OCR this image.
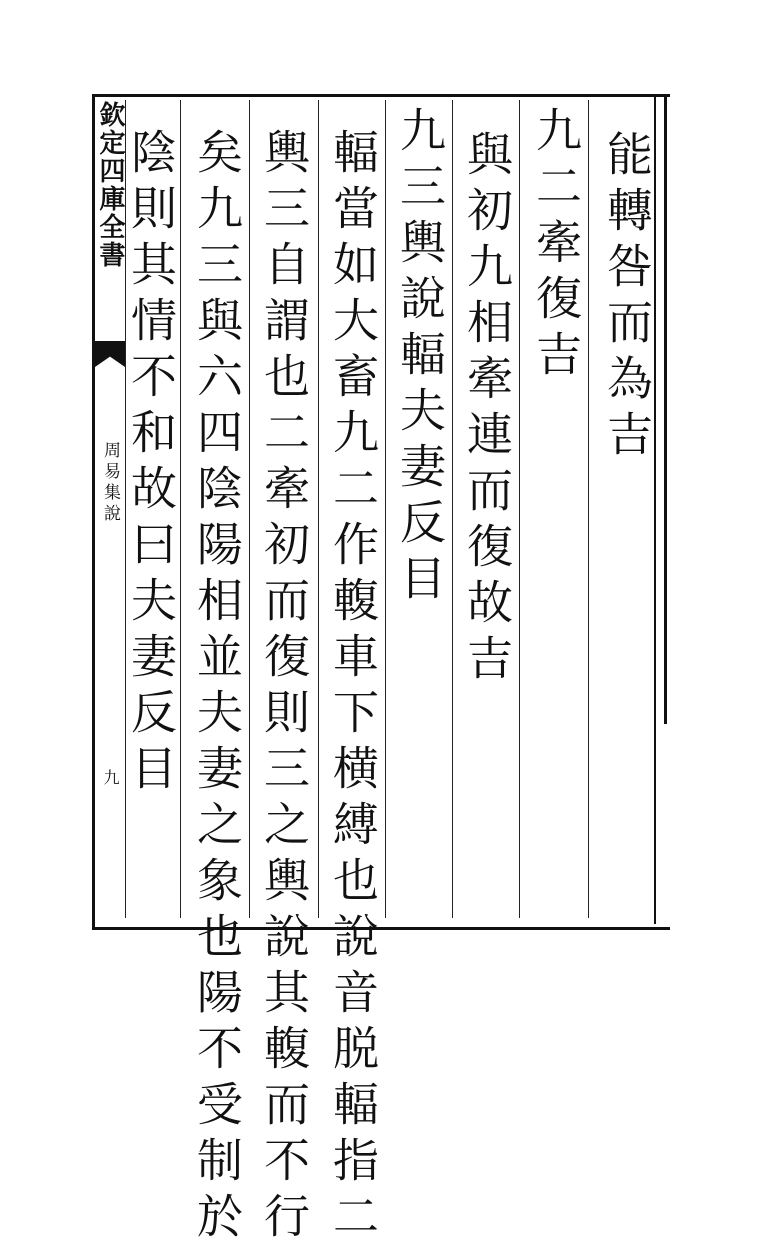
欽定四庫全書
周易集說
九
能轉咎而為吉
九二牽復吉
與初九相牽連而復故吉
九三輿說輻夫妻反目
輻當如大畜九二作輹車下横縛也說音脱輻指二
輿三自謂也二牽初而復則三之輿說其輹而不行
矣九三與六四陰陽相並夫妻之象也陽不受制於
陰則其情不和故曰夫妻反目
